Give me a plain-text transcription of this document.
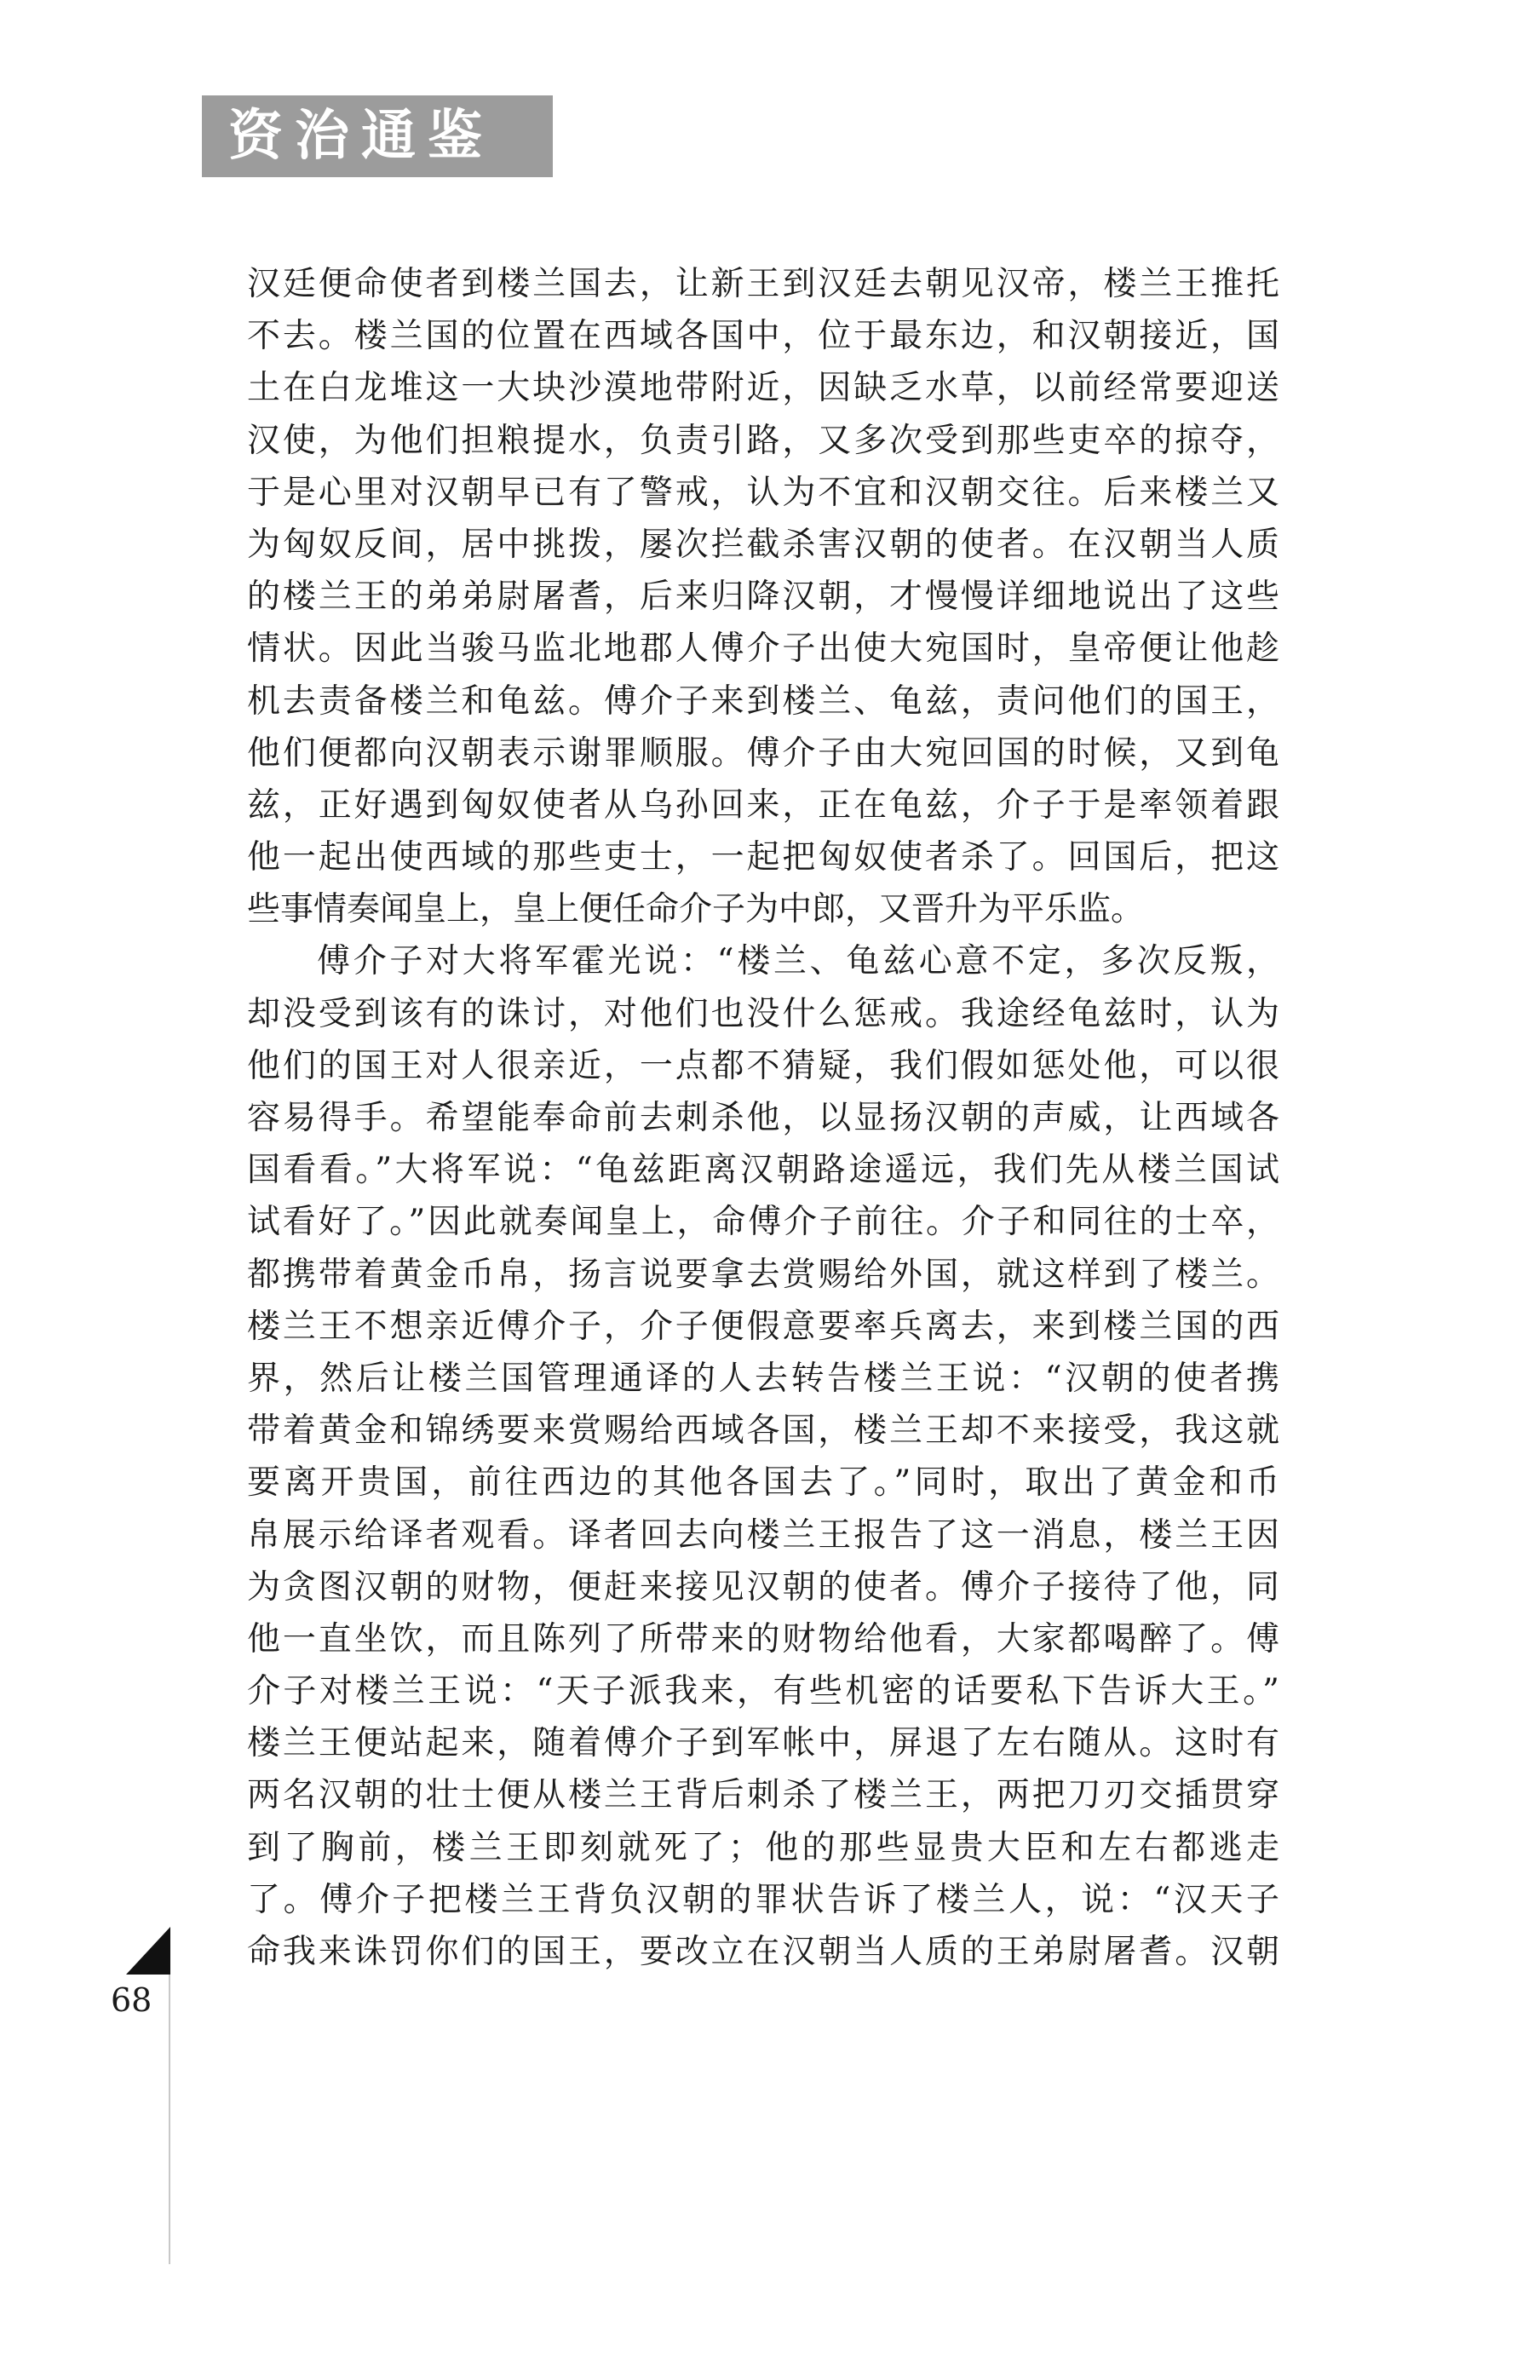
资治通鉴
汉廷便命使者到楼兰国去，让新王到汉廷去朝见汉帝，楼兰王推托
不去。楼兰国的位置在西域各国中，位于最东边，和汉朝接近，国
土在白龙堆这一大块沙漠地带附近，因缺乏水草，以前经常要迎送
汉使，为他们担粮提水，负责引路，又多次受到那些吏卒的掠夺，
于是心里对汉朝早已有了警戒，认为不宜和汉朝交往。后来楼兰又
为匈奴反间，居中挑拨，屡次拦截杀害汉朝的使者。在汉朝当人质
的楼兰王的弟弟尉屠耆，后来归降汉朝，才慢慢详细地说出了这些
情状。因此当骏马监北地郡人傅介子出使大宛国时，皇帝便让他趁
机去责备楼兰和龟兹。傅介子来到楼兰、龟兹，责问他们的国王，
他们便都向汉朝表示谢罪顺服。傅介子由大宛回国的时候，又到龟
兹，正好遇到匈奴使者从乌孙回来，正在龟兹，介子于是率领着跟
他一起出使西域的那些吏士，一起把匈奴使者杀了。回国后，把这
些事情奏闻皇上，皇上便任命介子为中郎，又晋升为平乐监。
傅介子对大将军霍光说：“楼兰、龟兹心意不定，多次反叛，
却没受到该有的诛讨，对他们也没什么惩戒。我途经龟兹时，认为
他们的国王对人很亲近，一点都不猜疑，我们假如惩处他，可以很
容易得手。希望能奉命前去刺杀他，以显扬汉朝的声威，让西域各
国看看。”大将军说：“龟兹距离汉朝路途遥远，我们先从楼兰国试
试看好了。”因此就奏闻皇上，命傅介子前往。介子和同往的士卒，
都携带着黄金币帛，扬言说要拿去赏赐给外国，就这样到了楼兰。
楼兰王不想亲近傅介子，介子便假意要率兵离去，来到楼兰国的西
界，然后让楼兰国管理通译的人去转告楼兰王说：“汉朝的使者携
带着黄金和锦绣要来赏赐给西域各国，楼兰王却不来接受，我这就
要离开贵国，前往西边的其他各国去了。”同时，取出了黄金和币
帛展示给译者观看。译者回去向楼兰王报告了这一消息，楼兰王因
为贪图汉朝的财物，便赶来接见汉朝的使者。傅介子接待了他，同
他一直坐饮，而且陈列了所带来的财物给他看，大家都喝醉了。傅
介子对楼兰王说：“天子派我来，有些机密的话要私下告诉大王。”
楼兰王便站起来，随着傅介子到军帐中，屏退了左右随从。这时有
两名汉朝的壮士便从楼兰王背后刺杀了楼兰王，两把刀刃交插贯穿
到了胸前，楼兰王即刻就死了；他的那些显贵大臣和左右都逃走
了。傅介子把楼兰王背负汉朝的罪状告诉了楼兰人，说：“汉天子
命我来诛罚你们的国王，要改立在汉朝当人质的王弟尉屠耆。汉朝
68
